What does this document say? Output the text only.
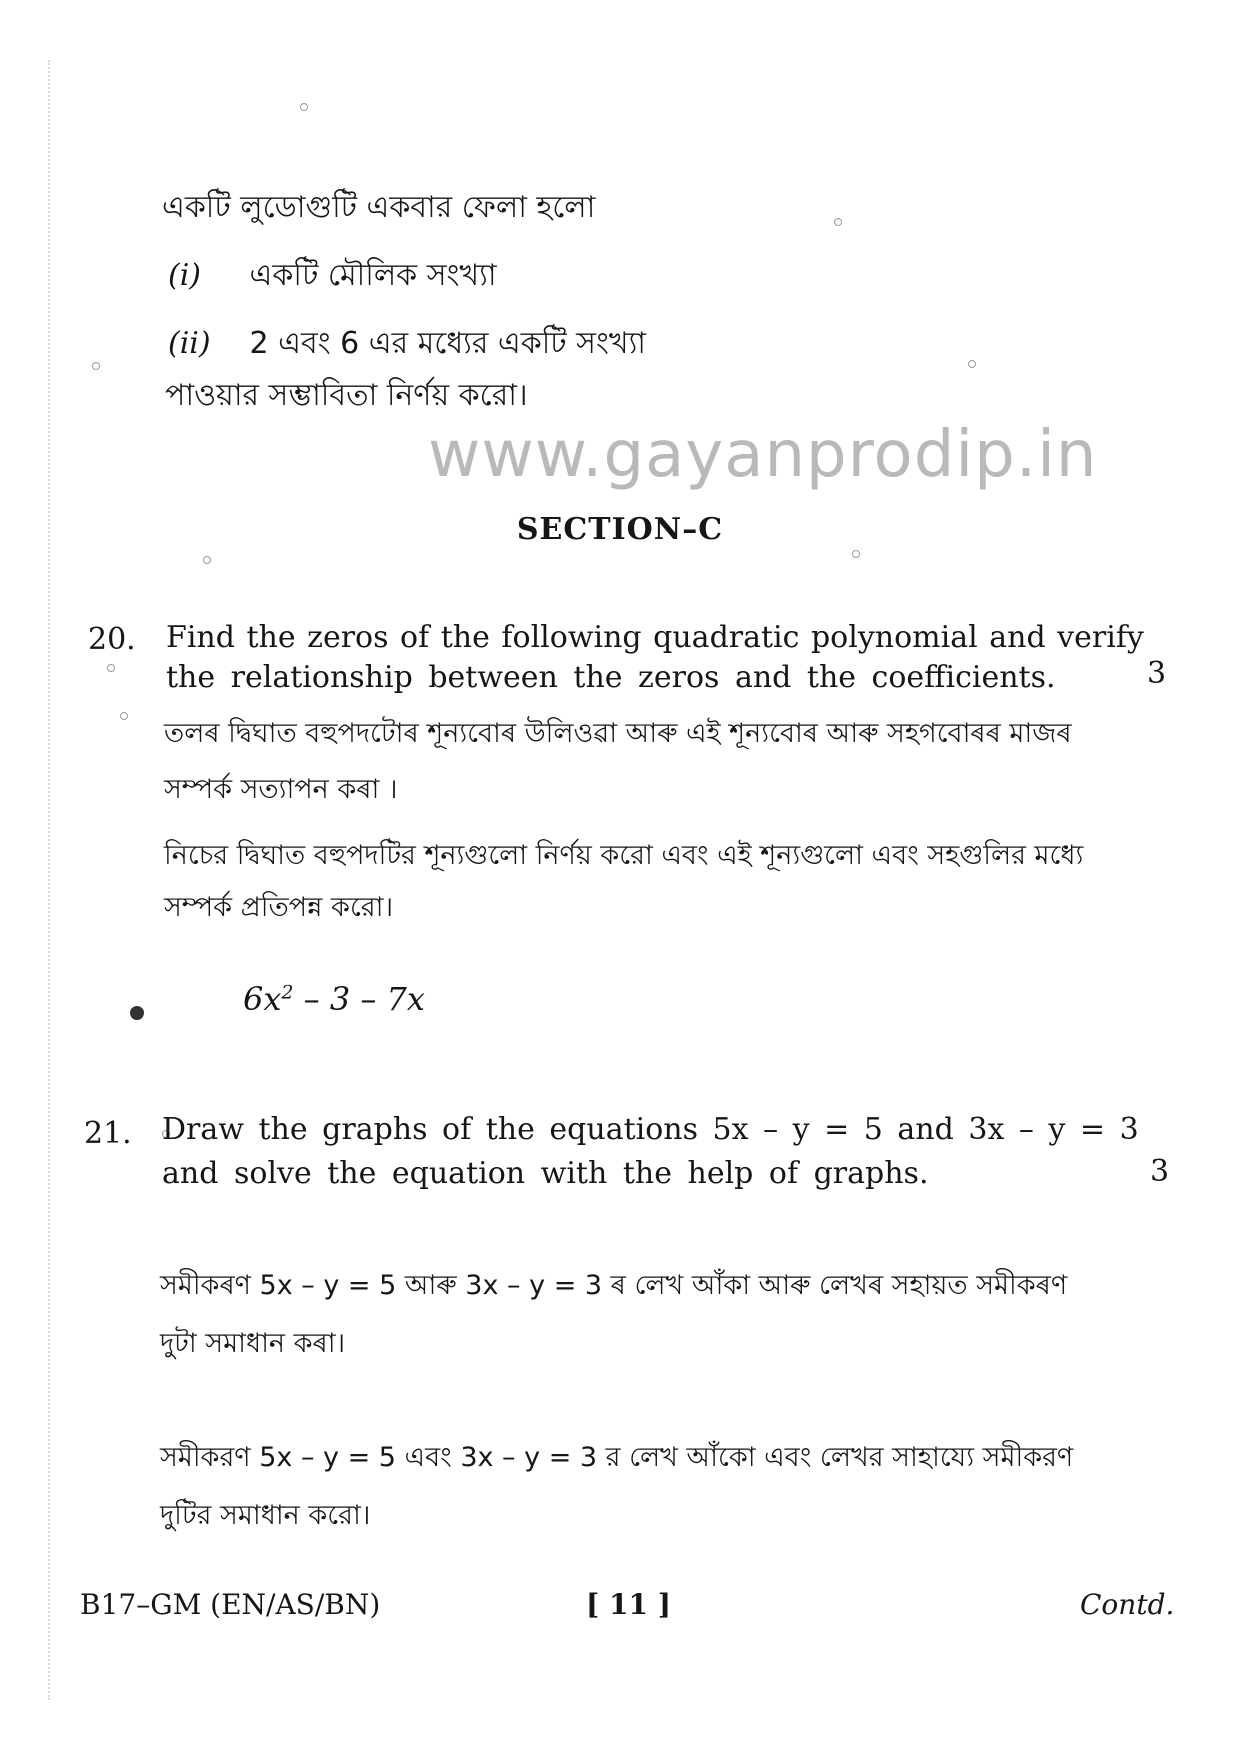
একটি লুডোগুটি একবার ফেলা হলো
(i) একটি মৌলিক সংখ্যা
(ii) 2 এবং 6 এর মধ্যের একটি সংখ্যা
পাওয়ার সম্ভাবিতা নির্ণয় করো।
www.gayanprodip.in
SECTION–C
20. Find the zeros of the following quadratic polynomial and verify
the relationship between the zeros and the coefficients.	3
তলৰ দ্বিঘাত বহুপদটোৰ শূন্যবোৰ উলিওৱা আৰু এই শূন্যবোৰ আৰু সহগবোৰৰ মাজৰ
সম্পৰ্ক সত্যাপন কৰা ।
নিচের দ্বিঘাত বহুপদটির শূন্যগুলো নির্ণয় করো এবং এই শূন্যগুলো এবং সহগুলির মধ্যে
সম্পর্ক প্রতিপন্ন করো।
$6x^2 - 3 - 7x$
21. Draw the graphs of the equations 5x – y = 5 and 3x – y = 3
and solve the equation with the help of graphs.	3
সমীকৰণ 5x – y = 5 আৰু 3x – y = 3 ৰ লেখ আঁকা আৰু লেখৰ সহায়ত সমীকৰণ
দুটা সমাধান কৰা।
সমীকরণ 5x – y = 5 এবং 3x – y = 3 র লেখ আঁকো এবং লেখর সাহায্যে সমীকরণ
দুটির সমাধান করো।
B17–GM (EN/AS/BN)	[ 11 ]	Contd.
